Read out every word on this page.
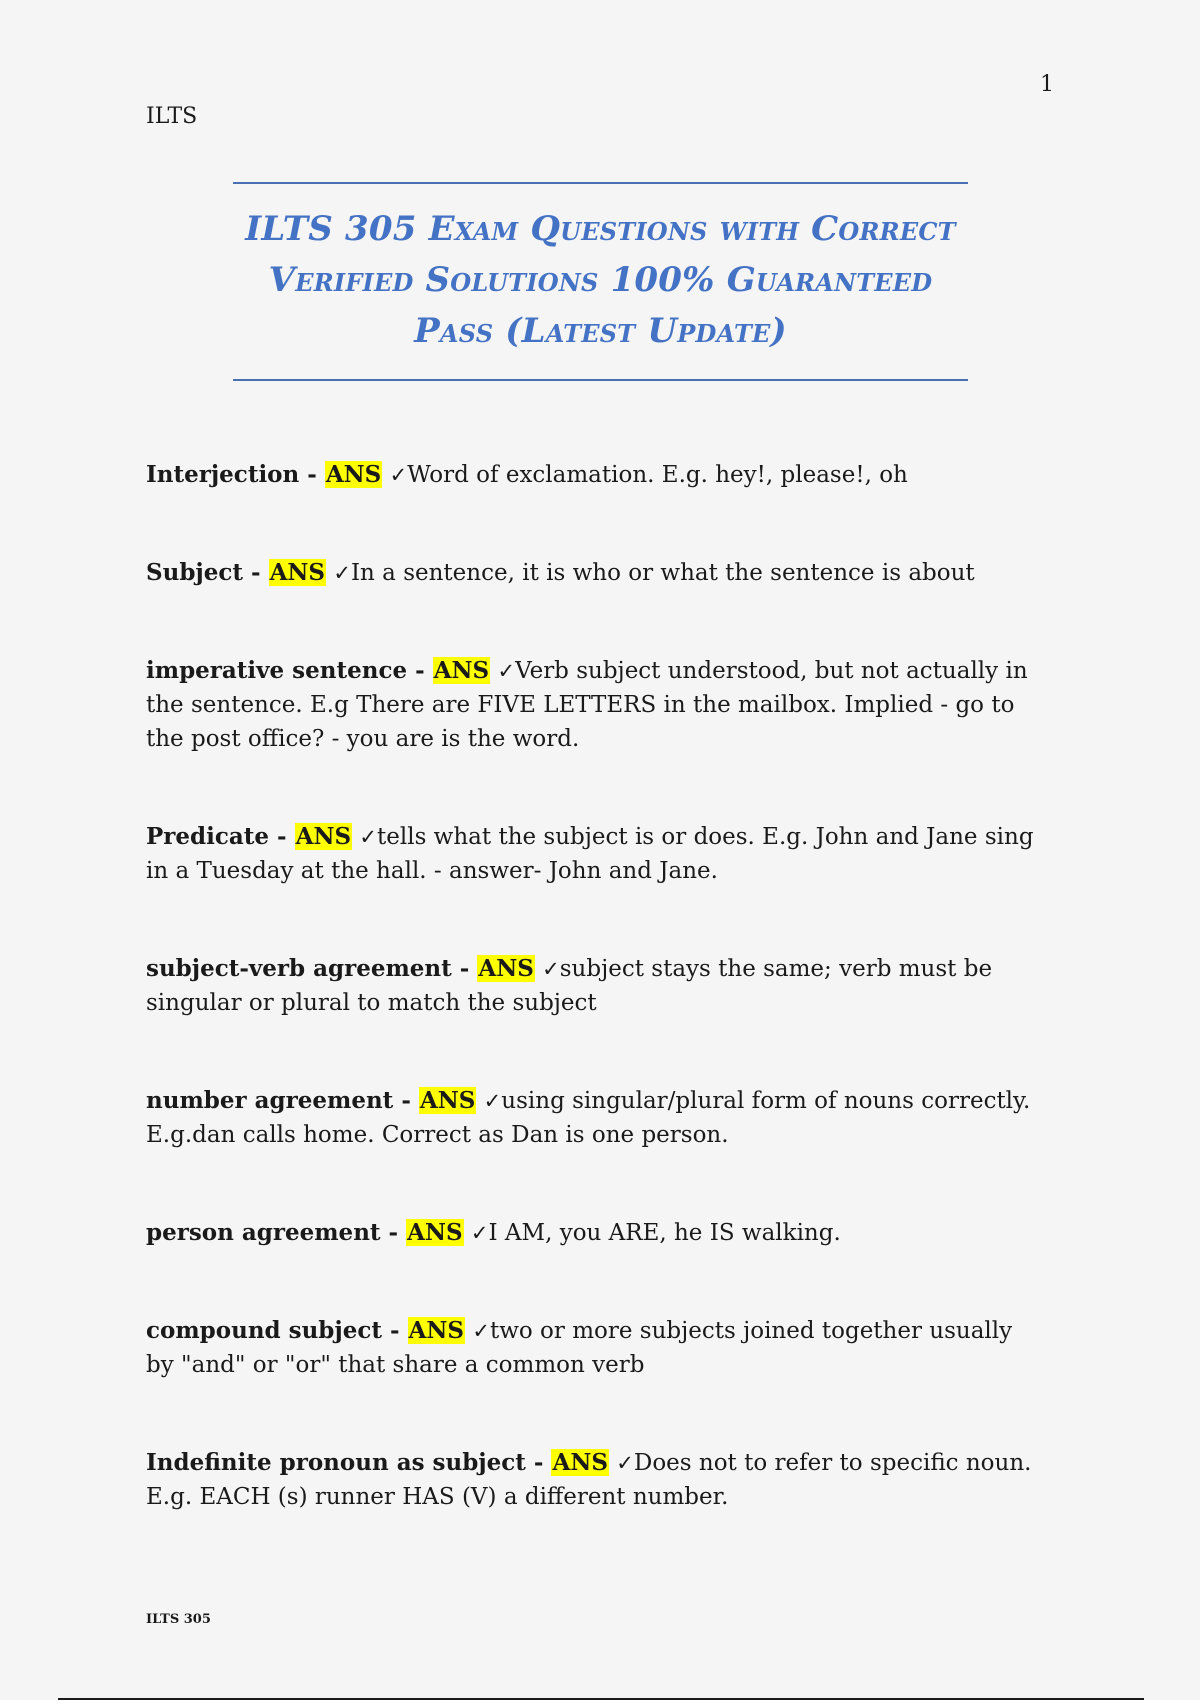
1
ILTS
ILTS 305 Exam Questions with Correct
Verified Solutions 100% Guaranteed
Pass (Latest Update)
Interjection - ANS ✓Word of exclamation. E.g. hey!, please!, oh
Subject - ANS ✓In a sentence, it is who or what the sentence is about
imperative sentence - ANS ✓Verb subject understood, but not actually in the sentence. E.g There are FIVE LETTERS in the mailbox. Implied - go to the post office? - you are is the word.
Predicate - ANS ✓tells what the subject is or does. E.g. John and Jane sing in a Tuesday at the hall. - answer- John and Jane.
subject-verb agreement - ANS ✓subject stays the same; verb must be singular or plural to match the subject
number agreement - ANS ✓using singular/plural form of nouns correctly. E.g.dan calls home. Correct as Dan is one person.
person agreement - ANS ✓I AM, you ARE, he IS walking.
compound subject - ANS ✓two or more subjects joined together usually by "and" or "or" that share a common verb
Indefinite pronoun as subject - ANS ✓Does not to refer to specific noun. E.g. EACH (s) runner HAS (V) a different number.
ILTS 305
